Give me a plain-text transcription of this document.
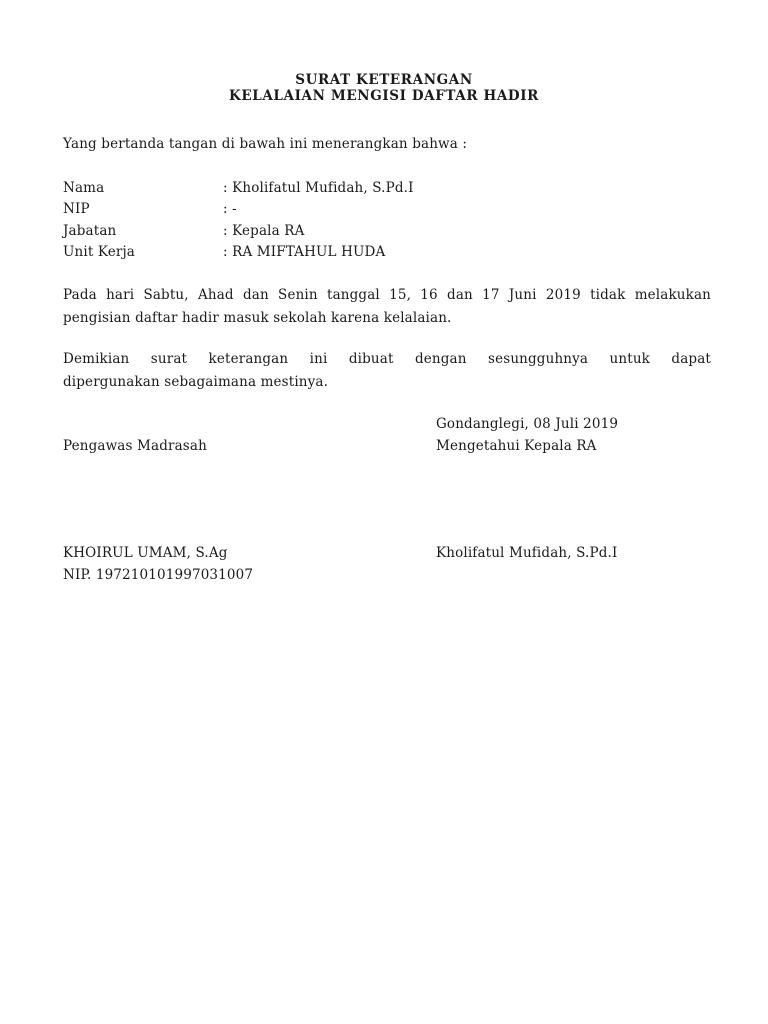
SURAT KETERANGAN
KELALAIAN MENGISI DAFTAR HADIR
Yang bertanda tangan di bawah ini menerangkan bahwa :
Nama	: Kholifatul Mufidah, S.Pd.I
NIP	: -
Jabatan	: Kepala RA
Unit Kerja	: RA MIFTAHUL HUDA
Pada hari Sabtu, Ahad dan Senin tanggal 15, 16 dan 17 Juni 2019 tidak melakukan
pengisian daftar hadir masuk sekolah karena kelalaian.
Demikian surat keterangan ini dibuat dengan sesungguhnya untuk dapat
dipergunakan sebagaimana mestinya.
Gondanglegi, 08 Juli 2019
Pengawas Madrasah	Mengetahui Kepala RA
KHOIRUL UMAM, S.Ag	Kholifatul Mufidah, S.Pd.I
NIP. 197210101997031007
